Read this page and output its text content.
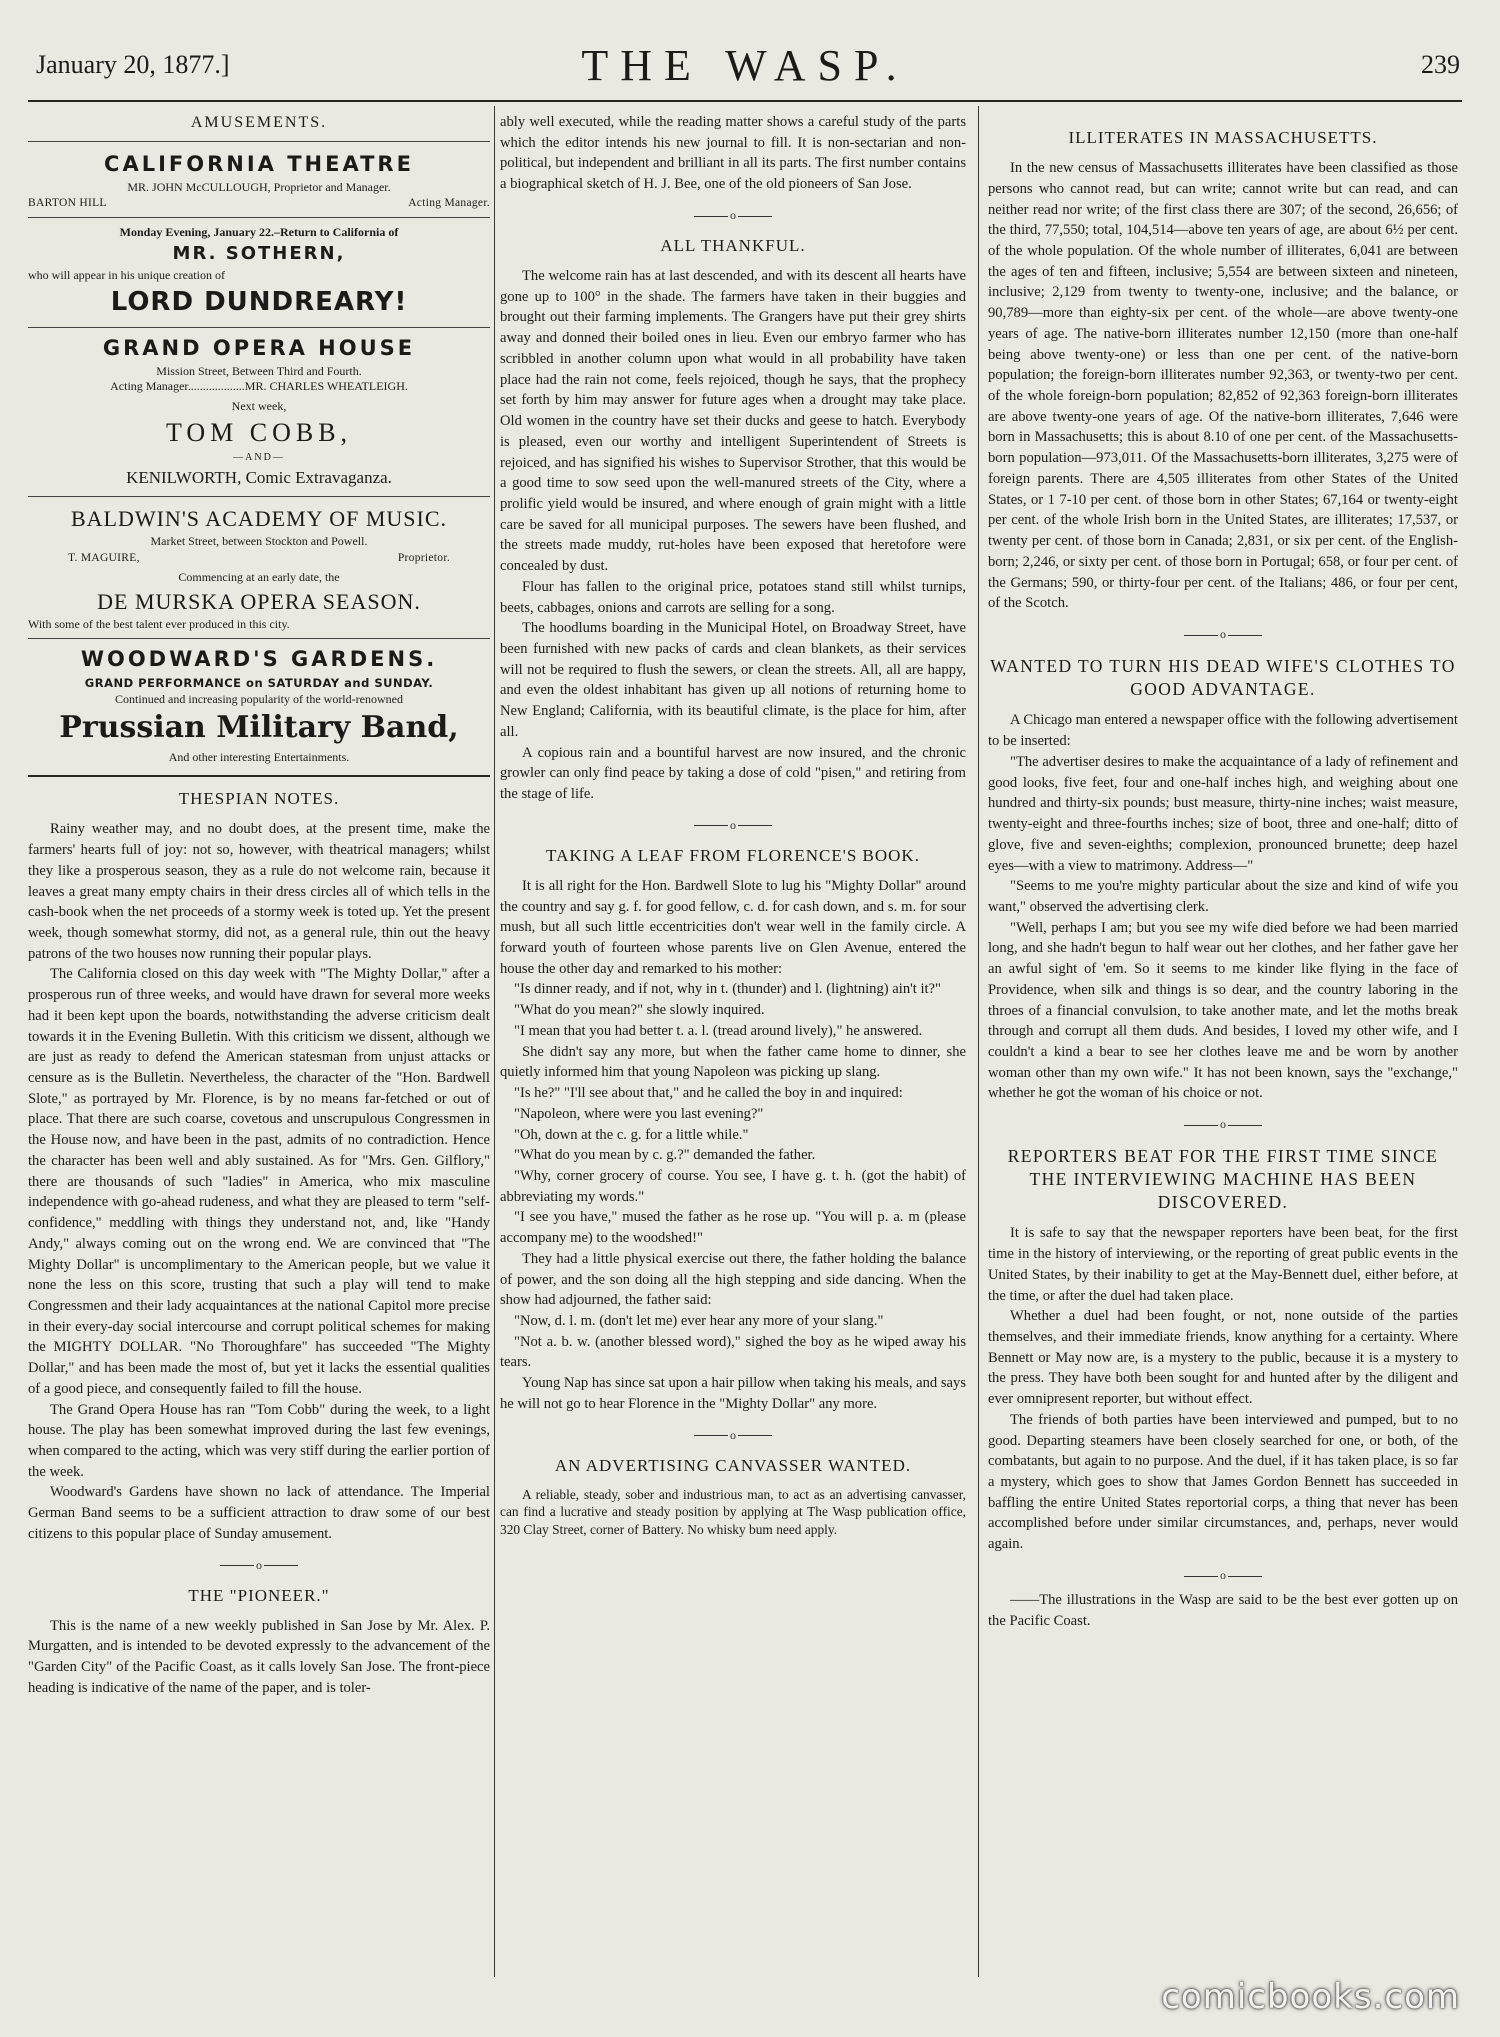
January 20, 1877.]	THE WASP.	239
AMUSEMENTS.
CALIFORNIA THEATRE
MR. JOHN McCULLOUGH, Proprietor and Manager.
BARTON HILL	Acting Manager.
Monday Evening, January 22.–Return to California of
MR. SOTHERN,
who will appear in his unique creation of
LORD DUNDREARY!
GRAND OPERA HOUSE
Mission Street, Between Third and Fourth.
Acting Manager...................MR. CHARLES WHEATLEIGH.
Next week,
TOM COBB,
—AND—
KENILWORTH, Comic Extravaganza.
BALDWIN'S ACADEMY OF MUSIC.
Market Street, between Stockton and Powell.
T. MAGUIRE,	Proprietor.
Commencing at an early date, the
DE MURSKA OPERA SEASON.
With some of the best talent ever produced in this city.
WOODWARD'S GARDENS.
GRAND PERFORMANCE on SATURDAY and SUNDAY.
Continued and increasing popularity of the world-renowned
Prussian Military Band,
And other interesting Entertainments.
THESPIAN NOTES.

Rainy weather may, and no doubt does, at the present time, make the farmers' hearts full of joy: not so, however, with theatrical managers; whilst they like a prosperous season, they as a rule do not welcome rain, because it leaves a great many empty chairs in their dress circles all of which tells in the cash-book when the net proceeds of a stormy week is toted up. Yet the present week, though somewhat stormy, did not, as a general rule, thin out the heavy patrons of the two houses now running their popular plays.

The California closed on this day week with "The Mighty Dollar," after a prosperous run of three weeks, and would have drawn for several more weeks had it been kept upon the boards, notwithstanding the adverse criticism dealt towards it in the Evening Bulletin. With this criticism we dissent, although we are just as ready to defend the American statesman from unjust attacks or censure as is the Bulletin. Nevertheless, the character of the "Hon. Bardwell Slote," as portrayed by Mr. Florence, is by no means far-fetched or out of place. That there are such coarse, covetous and unscrupulous Congressmen in the House now, and have been in the past, admits of no contradiction. Hence the character has been well and ably sustained. As for "Mrs. Gen. Gilflory," there are thousands of such "ladies" in America, who mix masculine independence with go-ahead rudeness, and what they are pleased to term "self-confidence," meddling with things they understand not, and, like "Handy Andy," always coming out on the wrong end. We are convinced that "The Mighty Dollar" is uncomplimentary to the American people, but we value it none the less on this score, trusting that such a play will tend to make Congressmen and their lady acquaintances at the national Capitol more precise in their every-day social intercourse and corrupt political schemes for making the MIGHTY DOLLAR. "No Thoroughfare" has succeeded "The Mighty Dollar," and has been made the most of, but yet it lacks the essential qualities of a good piece, and consequently failed to fill the house.

The Grand Opera House has ran "Tom Cobb" during the week, to a light house. The play has been somewhat improved during the last few evenings, when compared to the acting, which was very stiff during the earlier portion of the week.

Woodward's Gardens have shown no lack of attendance. The Imperial German Band seems to be a sufficient attraction to draw some of our best citizens to this popular place of Sunday amusement.

o
THE "PIONEER."

This is the name of a new weekly published in San Jose by Mr. Alex. P. Murgatten, and is intended to be devoted expressly to the advancement of the "Garden City" of the Pacific Coast, as it calls lovely San Jose. The front-piece heading is indicative of the name of the paper, and is toler-

ably well executed, while the reading matter shows a careful study of the parts which the editor intends his new journal to fill. It is non-sectarian and non-political, but independent and brilliant in all its parts. The first number contains a biographical sketch of H. J. Bee, one of the old pioneers of San Jose.

o
ALL THANKFUL.

The welcome rain has at last descended, and with its descent all hearts have gone up to 100° in the shade. The farmers have taken in their buggies and brought out their farming implements. The Grangers have put their grey shirts away and donned their boiled ones in lieu. Even our embryo farmer who has scribbled in another column upon what would in all probability have taken place had the rain not come, feels rejoiced, though he says, that the prophecy set forth by him may answer for future ages when a drought may take place. Old women in the country have set their ducks and geese to hatch. Everybody is pleased, even our worthy and intelligent Superintendent of Streets is rejoiced, and has signified his wishes to Supervisor Strother, that this would be a good time to sow seed upon the well-manured streets of the City, where a prolific yield would be insured, and where enough of grain might with a little care be saved for all municipal purposes. The sewers have been flushed, and the streets made muddy, rut-holes have been exposed that heretofore were concealed by dust.

Flour has fallen to the original price, potatoes stand still whilst turnips, beets, cabbages, onions and carrots are selling for a song.

The hoodlums boarding in the Municipal Hotel, on Broadway Street, have been furnished with new packs of cards and clean blankets, as their services will not be required to flush the sewers, or clean the streets. All, all are happy, and even the oldest inhabitant has given up all notions of returning home to New England; California, with its beautiful climate, is the place for him, after all.

A copious rain and a bountiful harvest are now insured, and the chronic growler can only find peace by taking a dose of cold "pisen," and retiring from the stage of life.

o
TAKING A LEAF FROM FLORENCE'S BOOK.

It is all right for the Hon. Bardwell Slote to lug his "Mighty Dollar" around the country and say g. f. for good fellow, c. d. for cash down, and s. m. for sour mush, but all such little eccentricities don't wear well in the family circle. A forward youth of fourteen whose parents live on Glen Avenue, entered the house the other day and remarked to his mother:

"Is dinner ready, and if not, why in t. (thunder) and l. (lightning) ain't it?"

"What do you mean?" she slowly inquired.

"I mean that you had better t. a. l. (tread around lively)," he answered.

She didn't say any more, but when the father came home to dinner, she quietly informed him that young Napoleon was picking up slang.

"Is he?" "I'll see about that," and he called the boy in and inquired:

"Napoleon, where were you last evening?"

"Oh, down at the c. g. for a little while."

"What do you mean by c. g.?" demanded the father.

"Why, corner grocery of course. You see, I have g. t. h. (got the habit) of abbreviating my words."

"I see you have," mused the father as he rose up. "You will p. a. m (please accompany me) to the woodshed!"

They had a little physical exercise out there, the father holding the balance of power, and the son doing all the high stepping and side dancing. When the show had adjourned, the father said:

"Now, d. l. m. (don't let me) ever hear any more of your slang."

"Not a. b. w. (another blessed word)," sighed the boy as he wiped away his tears.

Young Nap has since sat upon a hair pillow when taking his meals, and says he will not go to hear Florence in the "Mighty Dollar" any more.

o
AN ADVERTISING CANVASSER WANTED.

A reliable, steady, sober and industrious man, to act as an advertising canvasser, can find a lucrative and steady position by applying at The Wasp publication office, 320 Clay Street, corner of Battery. No whisky bum need apply.

ILLITERATES IN MASSACHUSETTS.

In the new census of Massachusetts illiterates have been classified as those persons who cannot read, but can write; cannot write but can read, and can neither read nor write; of the first class there are 307; of the second, 26,656; of the third, 77,550; total, 104,514—above ten years of age, are about 6½ per cent. of the whole population. Of the whole number of illiterates, 6,041 are between the ages of ten and fifteen, inclusive; 5,554 are between sixteen and nineteen, inclusive; 2,129 from twenty to twenty-one, inclusive; and the balance, or 90,789—more than eighty-six per cent. of the whole—are above twenty-one years of age. The native-born illiterates number 12,150 (more than one-half being above twenty-one) or less than one per cent. of the native-born population; the foreign-born illiterates number 92,363, or twenty-two per cent. of the whole foreign-born population; 82,852 of 92,363 foreign-born illiterates are above twenty-one years of age. Of the native-born illiterates, 7,646 were born in Massachusetts; this is about 8.10 of one per cent. of the Massachusetts-born population—973,011. Of the Massachusetts-born illiterates, 3,275 were of foreign parents. There are 4,505 illiterates from other States of the United States, or 1 7-10 per cent. of those born in other States; 67,164 or twenty-eight per cent. of the whole Irish born in the United States, are illiterates; 17,537, or twenty per cent. of those born in Canada; 2,831, or six per cent. of the English-born; 2,246, or sixty per cent. of those born in Portugal; 658, or four per cent. of the Germans; 590, or thirty-four per cent. of the Italians; 486, or four per cent, of the Scotch.

o
WANTED TO TURN HIS DEAD WIFE'S CLOTHES TO GOOD ADVANTAGE.

A Chicago man entered a newspaper office with the following advertisement to be inserted:

"The advertiser desires to make the acquaintance of a lady of refinement and good looks, five feet, four and one-half inches high, and weighing about one hundred and thirty-six pounds; bust measure, thirty-nine inches; waist measure, twenty-eight and three-fourths inches; size of boot, three and one-half; ditto of glove, five and seven-eighths; complexion, pronounced brunette; deep hazel eyes—with a view to matrimony. Address—"

"Seems to me you're mighty particular about the size and kind of wife you want," observed the advertising clerk.

"Well, perhaps I am; but you see my wife died before we had been married long, and she hadn't begun to half wear out her clothes, and her father gave her an awful sight of 'em. So it seems to me kinder like flying in the face of Providence, when silk and things is so dear, and the country laboring in the throes of a financial convulsion, to take another mate, and let the moths break through and corrupt all them duds. And besides, I loved my other wife, and I couldn't a kind a bear to see her clothes leave me and be worn by another woman other than my own wife." It has not been known, says the "exchange," whether he got the woman of his choice or not.

o
REPORTERS BEAT FOR THE FIRST TIME SINCE THE INTERVIEWING MACHINE HAS BEEN DISCOVERED.

It is safe to say that the newspaper reporters have been beat, for the first time in the history of interviewing, or the reporting of great public events in the United States, by their inability to get at the May-Bennett duel, either before, at the time, or after the duel had taken place.

Whether a duel had been fought, or not, none outside of the parties themselves, and their immediate friends, know anything for a certainty. Where Bennett or May now are, is a mystery to the public, because it is a mystery to the press. They have both been sought for and hunted after by the diligent and ever omnipresent reporter, but without effect.

The friends of both parties have been interviewed and pumped, but to no good. Departing steamers have been closely searched for one, or both, of the combatants, but again to no purpose. And the duel, if it has taken place, is so far a mystery, which goes to show that James Gordon Bennett has succeeded in baffling the entire United States reportorial corps, a thing that never has been accomplished before under similar circumstances, and, perhaps, never would again.

o

——The illustrations in the Wasp are said to be the best ever gotten up on the Pacific Coast.

comicbooks.com
